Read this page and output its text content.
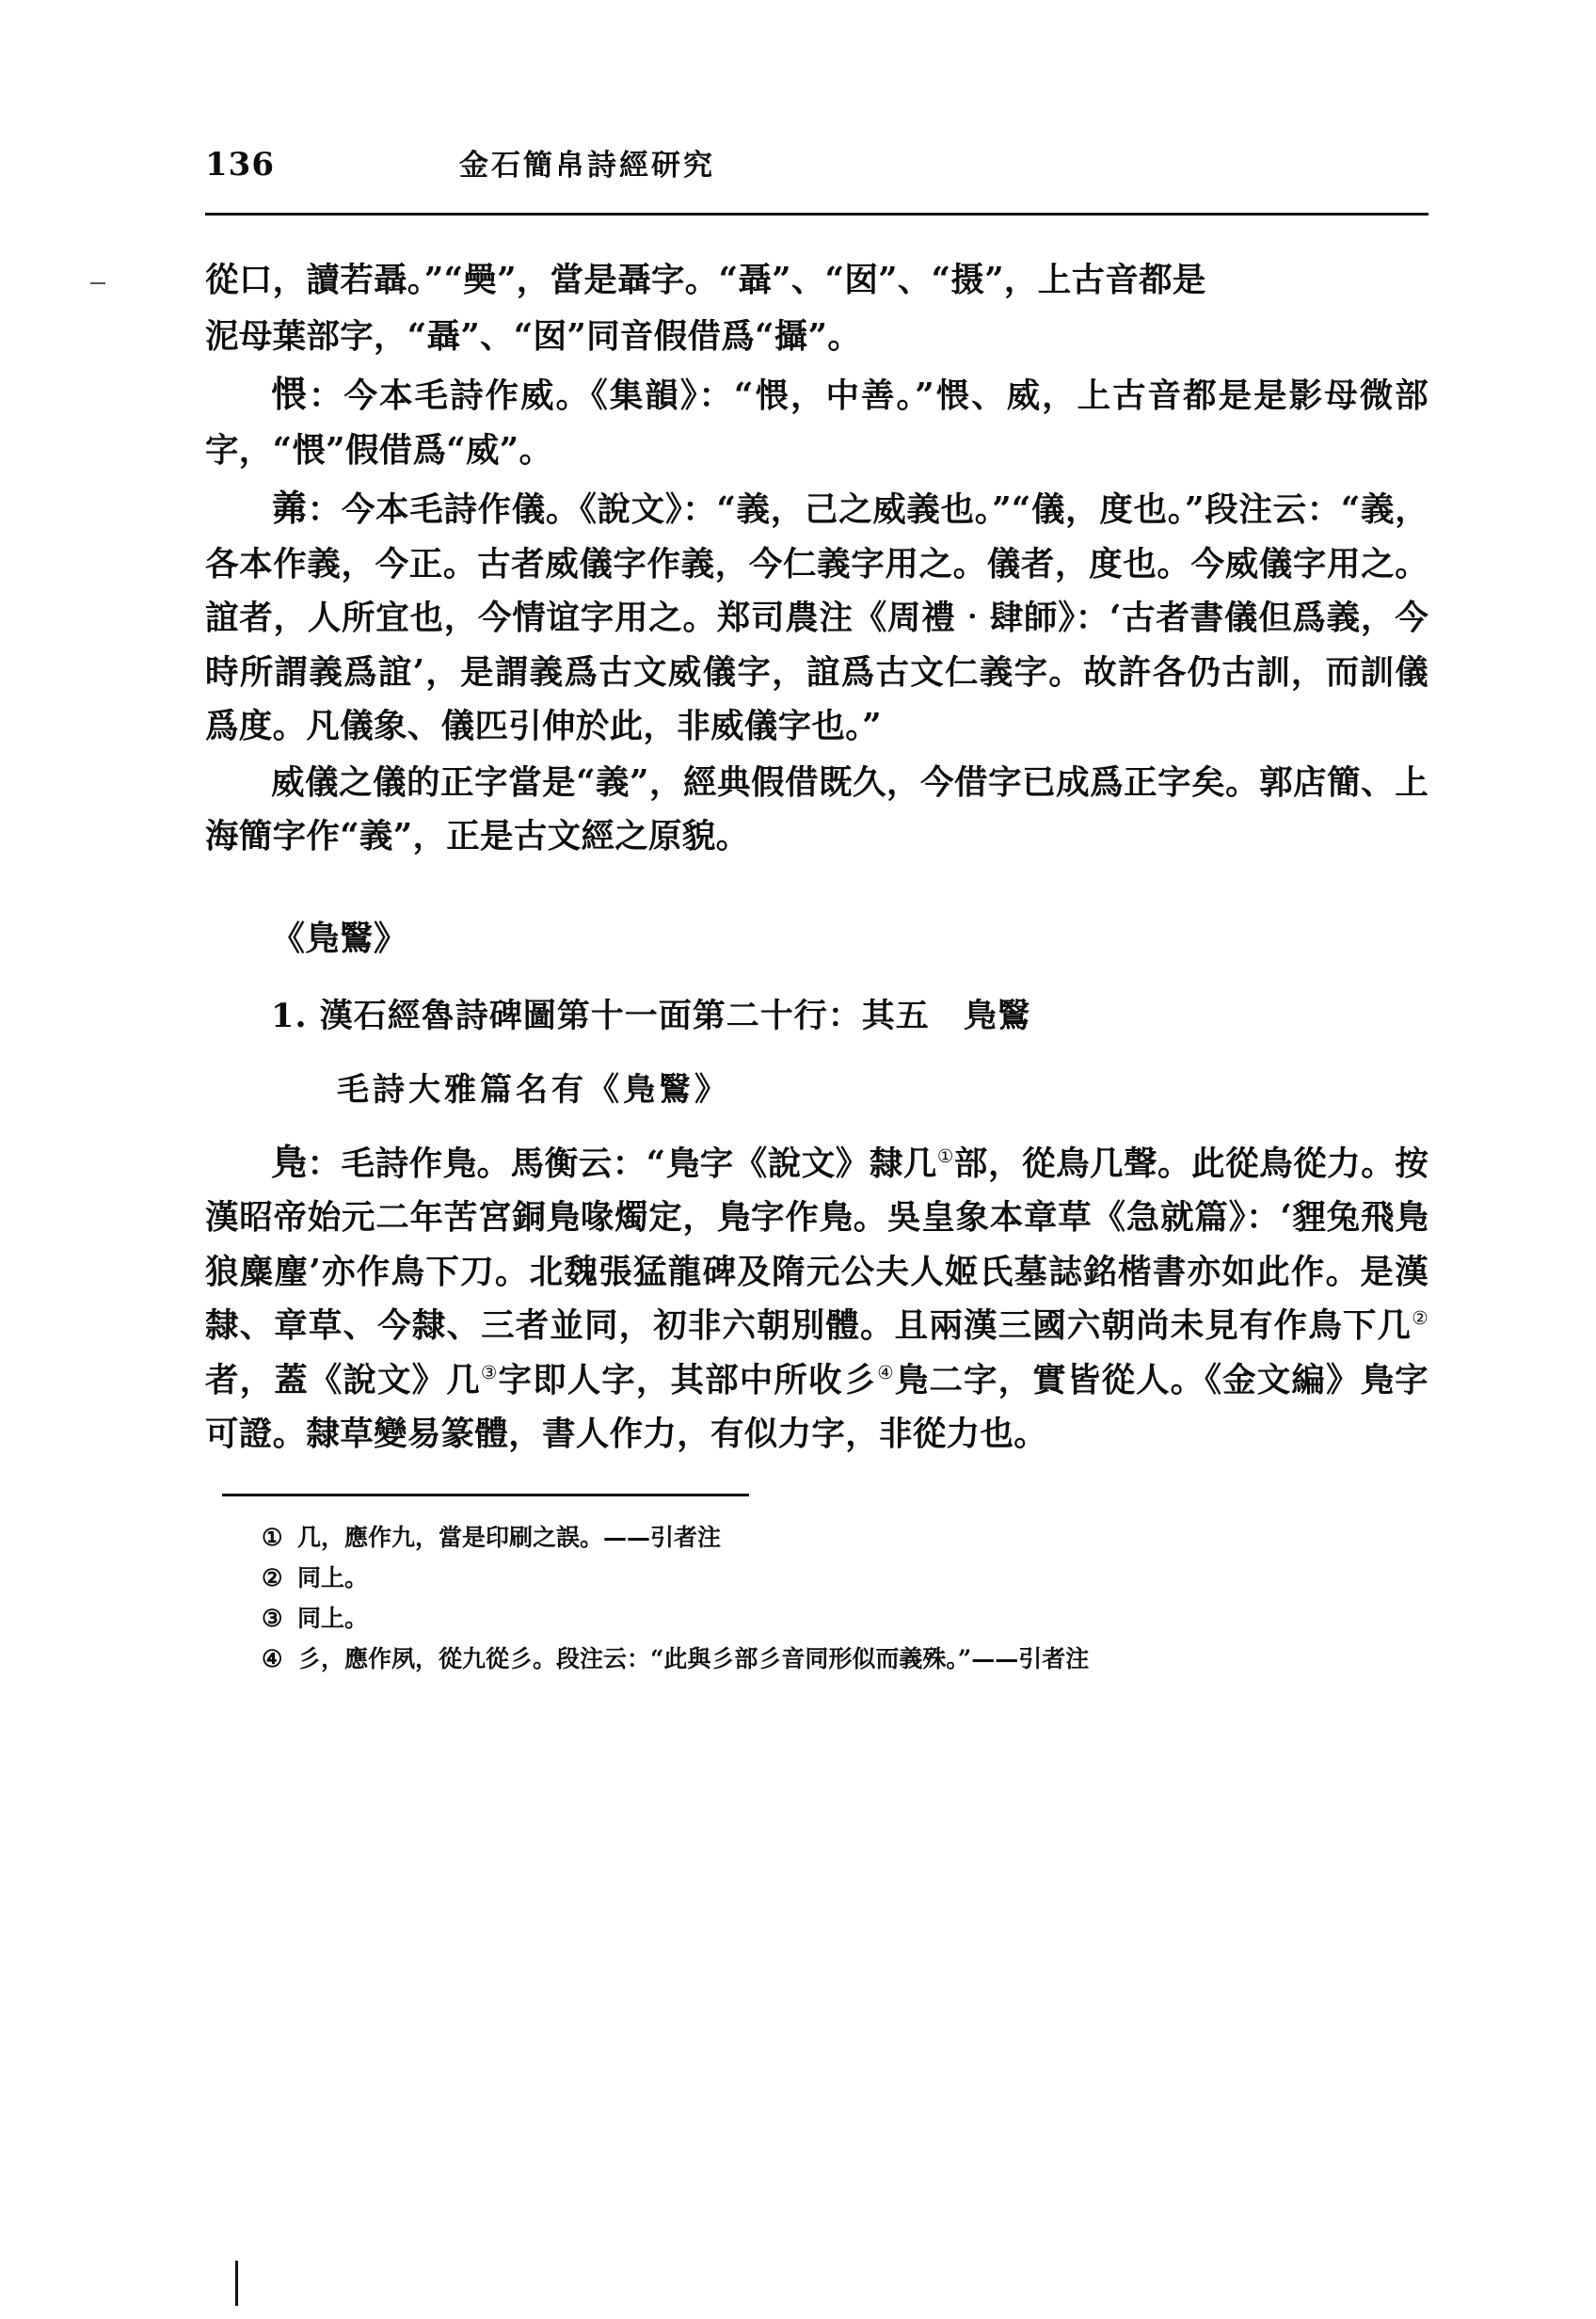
136	金石簡帛詩經研究

從口，讀若聶。”“奰”，當是聶字。“聶”、“囡”、“摄”，上古音都是

泥母葉部字，“聶”、“囡”同音假借爲“攝”。

愄：今本毛詩作威。《集韻》：“愄，中善。”愄、威，上古音都是是影母微部字，“愄”假借爲“威”。

羛：今本毛詩作儀。《說文》：“義，己之威義也。”“儀，度也。”段注云：“義，各本作義，今正。古者威儀字作義，今仁義字用之。儀者，度也。今威儀字用之。誼者，人所宜也，今情谊字用之。郑司農注《周禮‧肆師》：‘古者書儀但爲義，今時所謂義爲誼’，是謂義爲古文威儀字，誼爲古文仁義字。故許各仍古訓，而訓儀爲度。凡儀象、儀匹引伸於此，非威儀字也。”

威儀之儀的正字當是“義”，經典假借既久，今借字已成爲正字矣。郭店簡、上海簡字作“義”，正是古文經之原貌。

《鳬鷖》

1. 漢石經魯詩碑圖第十一面第二十行：其五　鳬鷖

毛詩大雅篇名有《鳬鷖》

鳬：毛詩作鳬。馬衡云：“鳬字《說文》隸几①部，從鳥几聲。此從鳥從力。按漢昭帝始元二年苦宮銅鳬喙燭定，鳬字作鳬。吳皇象本章草《急就篇》：‘貍兔飛鳬狼麋麈’亦作鳥下刀。北魏張猛龍碑及隋元公夫人姬氏墓誌銘楷書亦如此作。是漢隸、章草、今隸、三者並同，初非六朝別體。且兩漢三國六朝尚未見有作鳥下几②者，蓋《說文》几③字即人字，其部中所收彡④鳬二字，實皆從人。《金文編》鳬字可證。隸草變易篆體，書人作力，有似力字，非從力也。

① 几，應作九，當是印刷之誤。——引者注
② 同上。
③ 同上。
④ 彡，應作夙，從九從彡。段注云：“此與彡部彡音同形似而義殊。”——引者注
